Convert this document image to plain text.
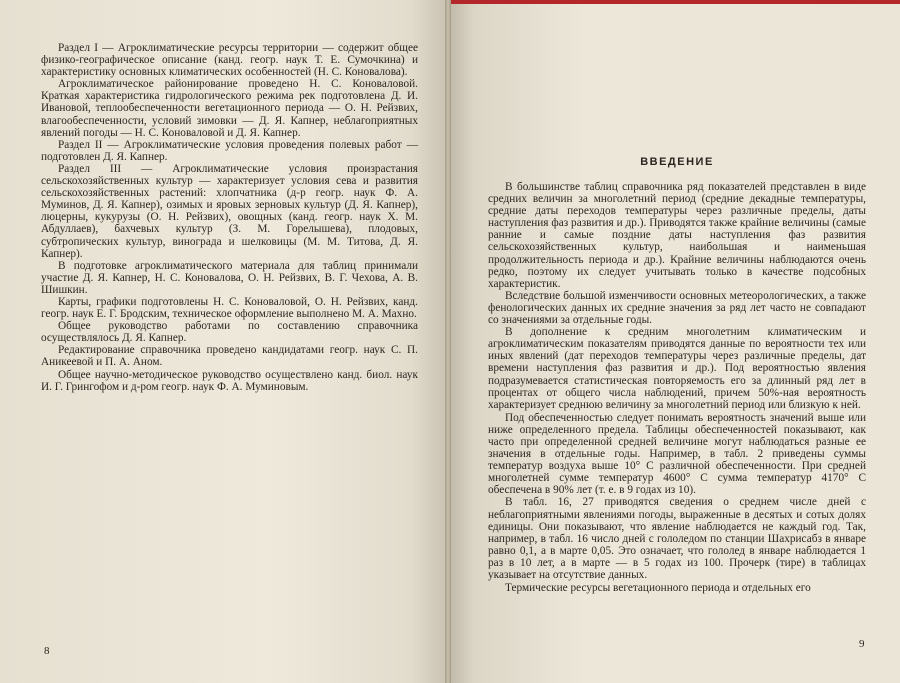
Раздел I — Агроклиматические ресурсы территории — содержит общее физико-географическое описание (канд. геогр. наук Т. Е. Сумочкина) и характеристику основных климатических особенностей (Н. С. Коновалова).

Агроклиматическое районирование проведено Н. С. Коноваловой. Краткая характеристика гидрологического режима рек подготовлена Д. И. Ивановой, теплообеспеченности вегетационного периода — О. Н. Рейзвих, влагообеспеченности, условий зимовки — Д. Я. Капнер, неблагоприятных явлений погоды — Н. С. Коноваловой и Д. Я. Капнер.

Раздел II — Агроклиматические условия проведения полевых работ — подготовлен Д. Я. Капнер.

Раздел III — Агроклиматические условия произрастания сельскохозяйственных культур — характеризует условия сева и развития сельскохозяйственных растений: хлопчатника (д-р геогр. наук Ф. А. Муминов, Д. Я. Капнер), озимых и яровых зерновых культур (Д. Я. Капнер), люцерны, кукурузы (О. Н. Рейзвих), овощных (канд. геогр. наук Х. М. Абдуллаев), бахчевых культур (З. М. Горелышева), плодовых, субтропических культур, винограда и шелковицы (М. М. Титова, Д. Я. Капнер).

В подготовке агроклиматического материала для таблиц принимали участие Д. Я. Капнер, Н. С. Коновалова, О. Н. Рейзвих, В. Г. Чехова, А. В. Шишкин.

Карты, графики подготовлены Н. С. Коноваловой, О. Н. Рейзвих, канд. геогр. наук Е. Г. Бродским, техническое оформление выполнено М. А. Махно.

Общее руководство работами по составлению справочника осуществлялось Д. Я. Капнер.

Редактирование справочника проведено кандидатами геогр. наук С. П. Аникеевой и П. А. Аном.

Общее научно-методическое руководство осуществлено канд. биол. наук И. Г. Грингофом и д-ром геогр. наук Ф. А. Муминовым.

8
ВВЕДЕНИЕ

В большинстве таблиц справочника ряд показателей представлен в виде средних величин за многолетний период (средние декадные температуры, средние даты переходов температуры через различные пределы, даты наступления фаз развития и др.). Приводятся также крайние величины (самые ранние и самые поздние даты наступления фаз развития сельскохозяйственных культур, наибольшая и наименьшая продолжительность периода и др.). Крайние величины наблюдаются очень редко, поэтому их следует учитывать только в качестве подсобных характеристик.

Вследствие большой изменчивости основных метеорологических, а также фенологических данных их средние значения за ряд лет часто не совпадают со значениями за отдельные годы.

В дополнение к средним многолетним климатическим и агроклиматическим показателям приводятся данные по вероятности тех или иных явлений (дат переходов температуры через различные пределы, дат времени наступления фаз развития и др.). Под вероятностью явления подразумевается статистическая повторяемость его за длинный ряд лет в процентах от общего числа наблюдений, причем 50%-ная вероятность характеризует среднюю величину за многолетний период или близкую к ней.

Под обеспеченностью следует понимать вероятность значений выше или ниже определенного предела. Таблицы обеспеченностей показывают, как часто при определенной средней величине могут наблюдаться разные ее значения в отдельные годы. Например, в табл. 2 приведены суммы температур воздуха выше 10° С различной обеспеченности. При средней многолетней сумме температур 4600° С сумма температур 4170° С обеспечена в 90% лет (т. е. в 9 годах из 10).

В табл. 16, 27 приводятся сведения о среднем числе дней с неблагоприятными явлениями погоды, выраженные в десятых и сотых долях единицы. Они показывают, что явление наблюдается не каждый год. Так, например, в табл. 16 число дней с гололедом по станции Шахрисабз в январе равно 0,1, а в марте 0,05. Это означает, что гололед в январе наблюдается 1 раз в 10 лет, а в марте — в 5 годах из 100. Прочерк (тире) в таблицах указывает на отсутствие данных.

Термические ресурсы вегетационного периода и отдельных его

9
